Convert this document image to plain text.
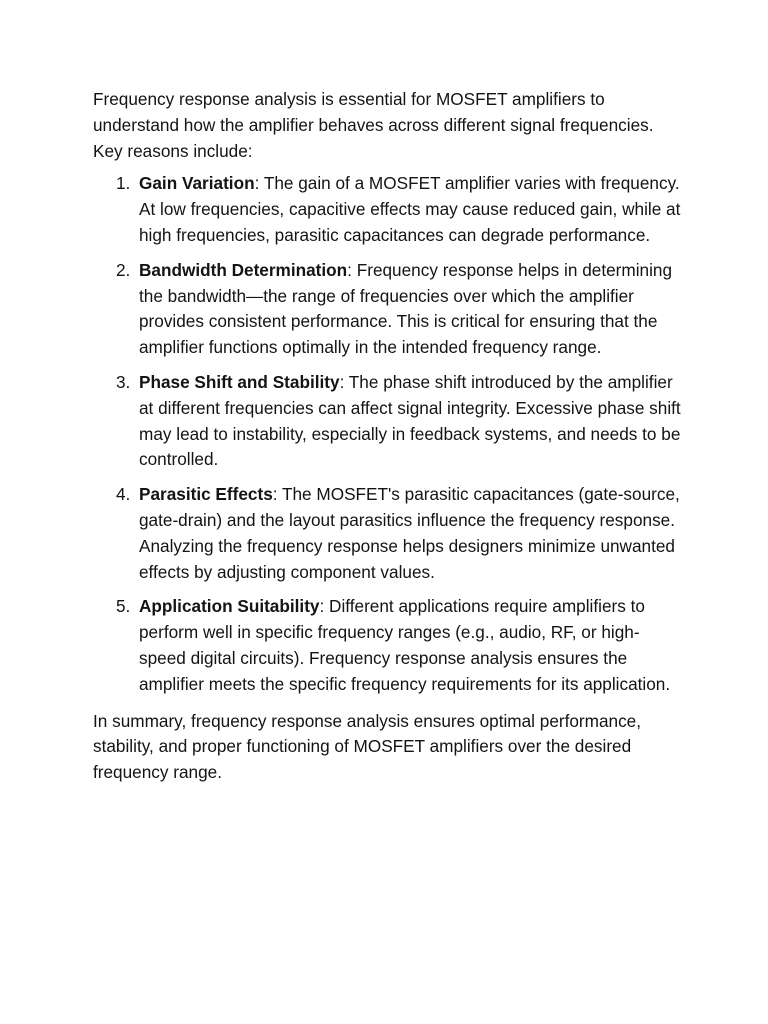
Frequency response analysis is essential for MOSFET amplifiers to understand how the amplifier behaves across different signal frequencies. Key reasons include:

1. Gain Variation: The gain of a MOSFET amplifier varies with frequency. At low frequencies, capacitive effects may cause reduced gain, while at high frequencies, parasitic capacitances can degrade performance.
2. Bandwidth Determination: Frequency response helps in determining the bandwidth—the range of frequencies over which the amplifier provides consistent performance. This is critical for ensuring that the amplifier functions optimally in the intended frequency range.
3. Phase Shift and Stability: The phase shift introduced by the amplifier at different frequencies can affect signal integrity. Excessive phase shift may lead to instability, especially in feedback systems, and needs to be controlled.
4. Parasitic Effects: The MOSFET's parasitic capacitances (gate-source, gate-drain) and the layout parasitics influence the frequency response. Analyzing the frequency response helps designers minimize unwanted effects by adjusting component values.
5. Application Suitability: Different applications require amplifiers to perform well in specific frequency ranges (e.g., audio, RF, or high-speed digital circuits). Frequency response analysis ensures the amplifier meets the specific frequency requirements for its application.

In summary, frequency response analysis ensures optimal performance, stability, and proper functioning of MOSFET amplifiers over the desired frequency range.
